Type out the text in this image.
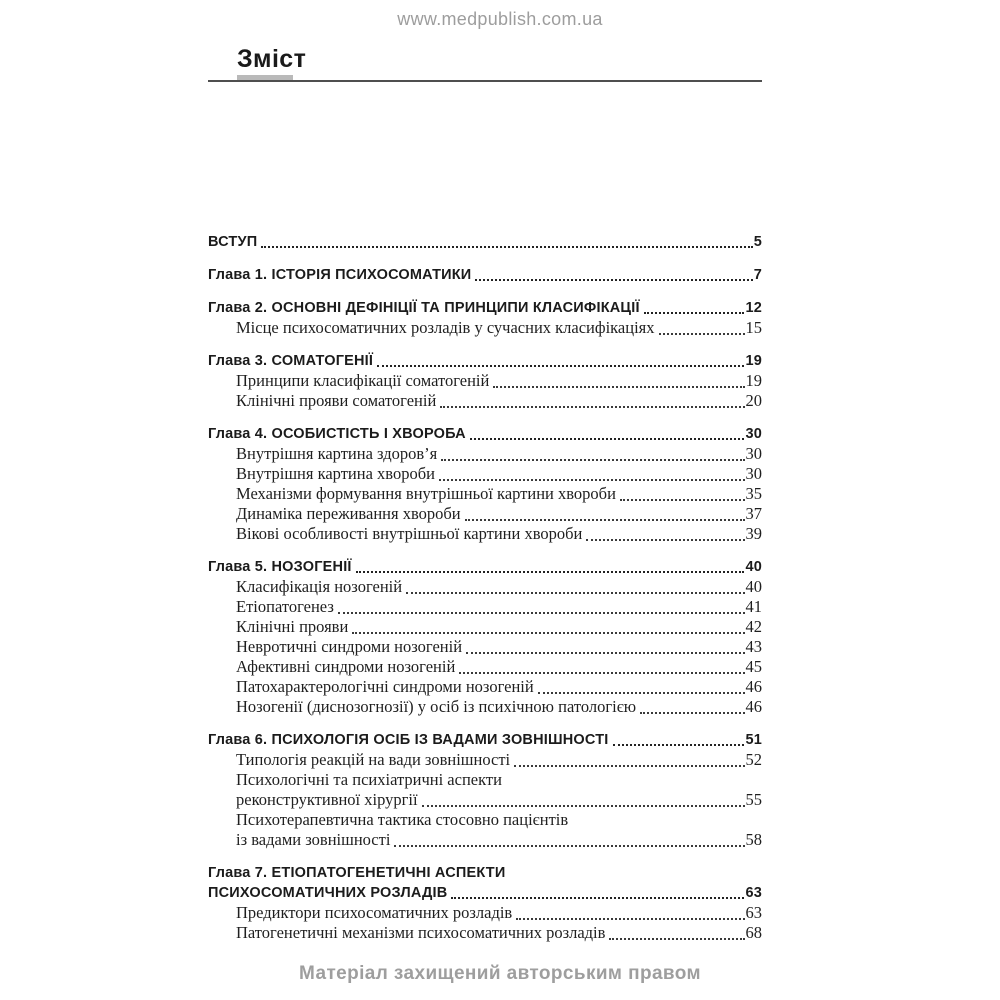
www.medpublish.com.ua
Зміст
ВСТУП	5
Глава 1. ІСТОРІЯ ПСИХОСОМАТИКИ	7
Глава 2. ОСНОВНІ ДЕФІНІЦІЇ ТА ПРИНЦИПИ КЛАСИФІКАЦІЇ	12
Місце психосоматичних розладів у сучасних класифікаціях	15
Глава 3. СОМАТОГЕНІЇ	19
Принципи класифікації соматогеній	19
Клінічні прояви соматогеній	20
Глава 4. ОСОБИСТІСТЬ І ХВОРОБА	30
Внутрішня картина здоров’я	30
Внутрішня картина хвороби	30
Механізми формування внутрішньої картини хвороби	35
Динаміка переживання хвороби	37
Вікові особливості внутрішньої картини хвороби	39
Глава 5. НОЗОГЕНІЇ	40
Класифікація нозогеній	40
Етіопатогенез	41
Клінічні прояви	42
Невротичні синдроми нозогеній	43
Афективні синдроми нозогеній	45
Патохарактерологічні синдроми нозогеній	46
Нозогенії (диснозогнозії) у осіб із психічною патологією	46
Глава 6. ПСИХОЛОГІЯ ОСІБ ІЗ ВАДАМИ ЗОВНІШНОСТІ	51
Типологія реакцій на вади зовнішності	52
Психологічні та психіатричні аспекти
реконструктивної хірургії	55
Психотерапевтична тактика стосовно пацієнтів
із вадами зовнішності	58
Глава 7. ЕТІОПАТОГЕНЕТИЧНІ АСПЕКТИ
ПСИХОСОМАТИЧНИХ РОЗЛАДІВ	63
Предиктори психосоматичних розладів	63
Патогенетичні механізми психосоматичних розладів	68
Матеріал захищений авторським правом
